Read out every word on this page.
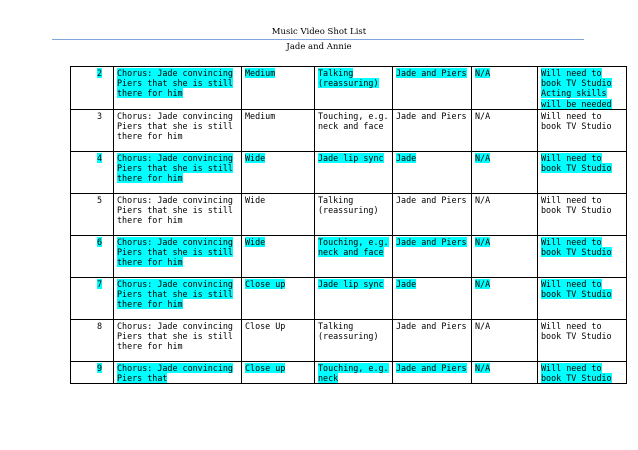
Music Video Shot List
Jade and Annie
2	Chorus: Jade convincing Piers that she is still there for him	Medium	Talking (reassuring)	Jade and Piers	N/A	Will need to book TV Studio Acting skills will be needed
3	Chorus: Jade convincing Piers that she is still there for him	Medium	Touching, e.g. neck and face	Jade and Piers	N/A	Will need to book TV Studio
4	Chorus: Jade convincing Piers that she is still there for him	Wide	Jade lip sync	Jade	N/A	Will need to book TV Studio
5	Chorus: Jade convincing Piers that she is still there for him	Wide	Talking (reassuring)	Jade and Piers	N/A	Will need to book TV Studio
6	Chorus: Jade convincing Piers that she is still there for him	Wide	Touching, e.g. neck and face	Jade and Piers	N/A	Will need to book TV Studio
7	Chorus: Jade convincing Piers that she is still there for him	Close up	Jade lip sync	Jade	N/A	Will need to book TV Studio
8	Chorus: Jade convincing Piers that she is still there for him	Close Up	Talking (reassuring)	Jade and Piers	N/A	Will need to book TV Studio
9	Chorus: Jade convincing Piers that	Close up	Touching, e.g. neck	Jade and Piers	N/A	Will need to book TV Studio
